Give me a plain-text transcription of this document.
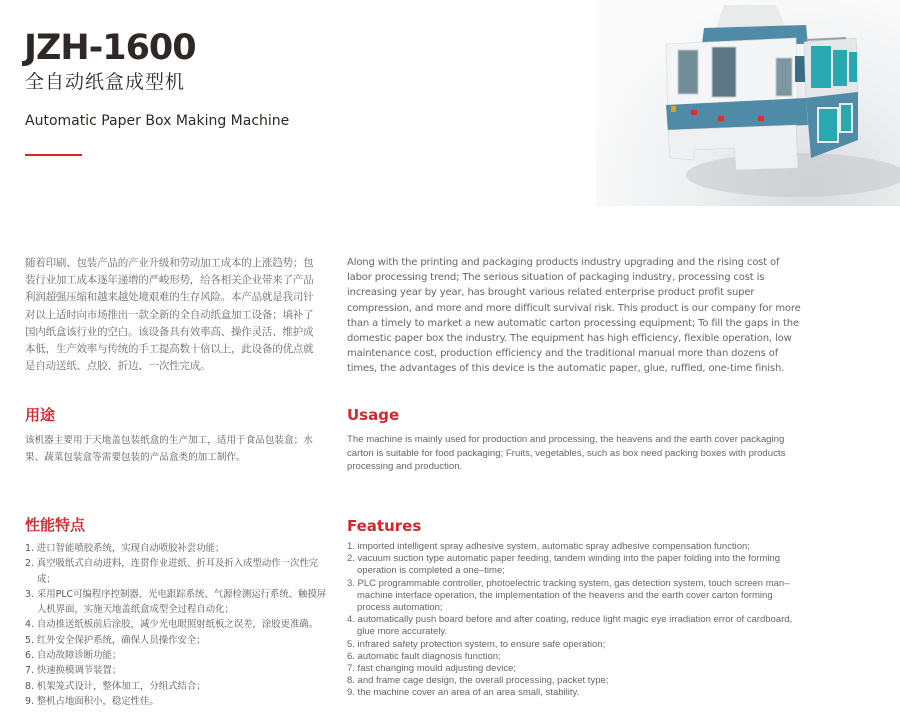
JZH-1600
全自动纸盒成型机
Automatic Paper Box Making Machine

随着印刷、包装产品的产业升级和劳动加工成本的上涨趋势；包装行业加工成本逐年递增的严峻形势，给各相关企业带来了产品利润超强压缩和越来越处境艰难的生存风险。本产品就是我司针对以上适时向市场推出一款全新的全自动纸盒加工设备；填补了国内纸盒该行业的空白。该设备具有效率高、操作灵活、维护成本低，生产效率与传统的手工提高数十倍以上，此设备的优点就是自动送纸、点胶、折边、一次性完成。

Along with the printing and packaging products industry upgrading and the rising cost of labor processing trend; The serious situation of packaging industry, processing cost is increasing year by year, has brought various related enterprise product profit super compression, and more and more difficult survival risk. This product is our company for more than a timely to market a new automatic carton processing equipment; To fill the gaps in the domestic paper box the industry. The equipment has high efficiency, flexible operation, low maintenance cost, production efficiency and the traditional manual more than dozens of times, the advantages of this device is the automatic paper, glue, ruffled, one-time finish.

用途	Usage

该机器主要用于天地盖包装纸盒的生产加工，适用于食品包装盒；水果、蔬菜包装盒等需要包装的产品盒类的加工制作。

The machine is mainly used for production and processing, the heavens and the earth cover packaging carton is suitable for food packaging; Fruits, vegetables, such as box need packing boxes with products processing and production.

性能特点	Features
1. 进口智能喷胶系统，实现自动喷胶补尝功能；
2. 真空吸纸式自动进料，连贯作业进纸、折耳及折入成型动作一次性完成；
3. 采用PLC可编程序控制器、光电跟踪系统、气源检测运行系统、触摸屏人机界面，实施天地盖纸盒成型全过程自动化；
4. 自动推送纸板前后涂胶，减少光电眼照射纸板之误差，涂胶更准确。
5. 红外安全保护系统，确保人员操作安全；
6. 自动故障诊断功能；
7. 快速换模调节装置；
8. 机架笼式设计，整体加工，分组式结合；
9. 整机占地面积小，稳定性佳。
1. imported intelligent spray adhesive system, automatic spray adhesive compensation function;
2. vacuum suction type automatic paper feeding, tandem winding into the paper folding into the forming operation is completed a one–time;
3. PLC programmable controller, photoelectric tracking system, gas detection system, touch screen man–machine interface operation, the implementation of the heavens and the earth cover carton forming process automation;
4. automatically push board before and after coating, reduce light magic eye irradiation error of cardboard, glue more accurately.
5. infrared safety protection system, to ensure safe operation;
6. automatic fault diagnosis function;
7. fast changing mould adjusting device;
8. and frame cage design, the overall processing, packet type;
9. the machine cover an area of an area small, stability.
